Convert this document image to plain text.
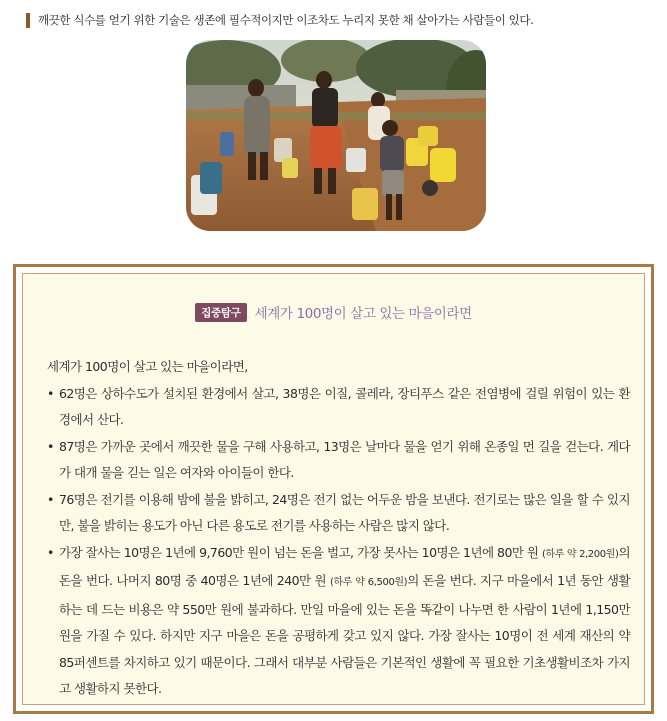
깨끗한 식수를 얻기 위한 기술은 생존에 필수적이지만 이조차도 누리지 못한 채 살아가는 사람들이 있다.
집중탐구	세계가 100명이 살고 있는 마을이라면

세계가 100명이 살고 있는 마을이라면,

• 62명은 상하수도가 설치된 환경에서 살고, 38명은 이질, 콜레라, 장티푸스 같은 전염병에 걸릴 위험이 있는 환경에서 산다.
• 87명은 가까운 곳에서 깨끗한 물을 구해 사용하고, 13명은 날마다 물을 얻기 위해 온종일 먼 길을 걷는다. 게다가 대개 물을 긷는 일은 여자와 아이들이 한다.
• 76명은 전기를 이용해 밤에 불을 밝히고, 24명은 전기 없는 어두운 밤을 보낸다. 전기로는 많은 일을 할 수 있지만, 불을 밝히는 용도가 아닌 다른 용도로 전기를 사용하는 사람은 많지 않다.
• 가장 잘사는 10명은 1년에 9,760만 원이 넘는 돈을 벌고, 가장 못사는 10명은 1년에 80만 원 (하루 약 2,200원)의 돈을 번다. 나머지 80명 중 40명은 1년에 240만 원 (하루 약 6,500원)의 돈을 번다. 지구 마을에서 1년 동안 생활하는 데 드는 비용은 약 550만 원에 불과하다. 만일 마을에 있는 돈을 똑같이 나누면 한 사람이 1년에 1,150만 원을 가질 수 있다. 하지만 지구 마을은 돈을 공평하게 갖고 있지 않다. 가장 잘사는 10명이 전 세계 재산의 약 85퍼센트를 차지하고 있기 때문이다. 그래서 대부분 사람들은 기본적인 생활에 꼭 필요한 기초생활비조차 가지고 생활하지 못한다.
